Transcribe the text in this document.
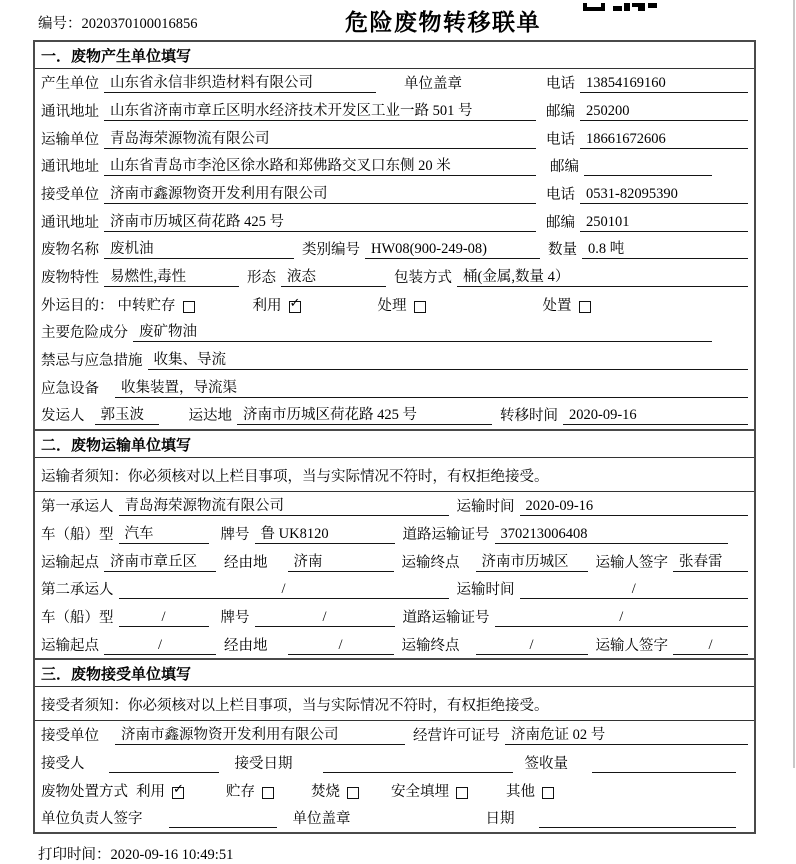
编号：2020370100016856	危险废物转移联单
一．废物产生单位填写
产生单位 山东省永信非织造材料有限公司	单位盖章	电话 13854169160
通讯地址 山东省济南市章丘区明水经济技术开发区工业一路 501 号	邮编 250200
运输单位 青岛海荣源物流有限公司	电话 18661672606
通讯地址 山东省青岛市李沧区徐水路和郑佛路交叉口东侧 20 米	邮编
接受单位 济南市鑫源物资开发利用有限公司	电话 0531-82095390
通讯地址 济南市历城区荷花路 425 号	邮编 250101
废物名称 废机油	类别编号 HW08(900-249-08)	数量 0.8 吨
废物特性 易燃性,毒性	形态 液态	包装方式 桶(金属,数量 4）
外运目的： 中转贮存	利用 ✓	处理	处置
主要危险成分 废矿物油
禁忌与应急措施 收集、导流
应急设备	收集装置，导流渠
发运人	郭玉波	运达地 济南市历城区荷花路 425 号	转移时间 2020-09-16
二．废物运输单位填写
运输者须知：你必须核对以上栏目事项，当与实际情况不符时，有权拒绝接受。
第一承运人 青岛海荣源物流有限公司	运输时间 2020-09-16
车（船）型 汽车	牌号 鲁 UK8120	道路运输证号 370213006408
运输起点 济南市章丘区	经由地	济南	运输终点	济南市历城区	运输人签字 张春雷
第二承运人	/	运输时间	/
车（船）型	/	牌号	/	道路运输证号	/
运输起点	/	经由地	/	运输终点	/	运输人签字	/
三．废物接受单位填写
接受者须知：你必须核对以上栏目事项，当与实际情况不符时，有权拒绝接受。
接受单位	济南市鑫源物资开发利用有限公司	经营许可证号 济南危证 02 号
接受人	接受日期	签收量
废物处置方式 利用 ✓	贮存	焚烧	安全填埋	其他
单位负责人签字	单位盖章	日期
打印时间：2020-09-16 10:49:51
